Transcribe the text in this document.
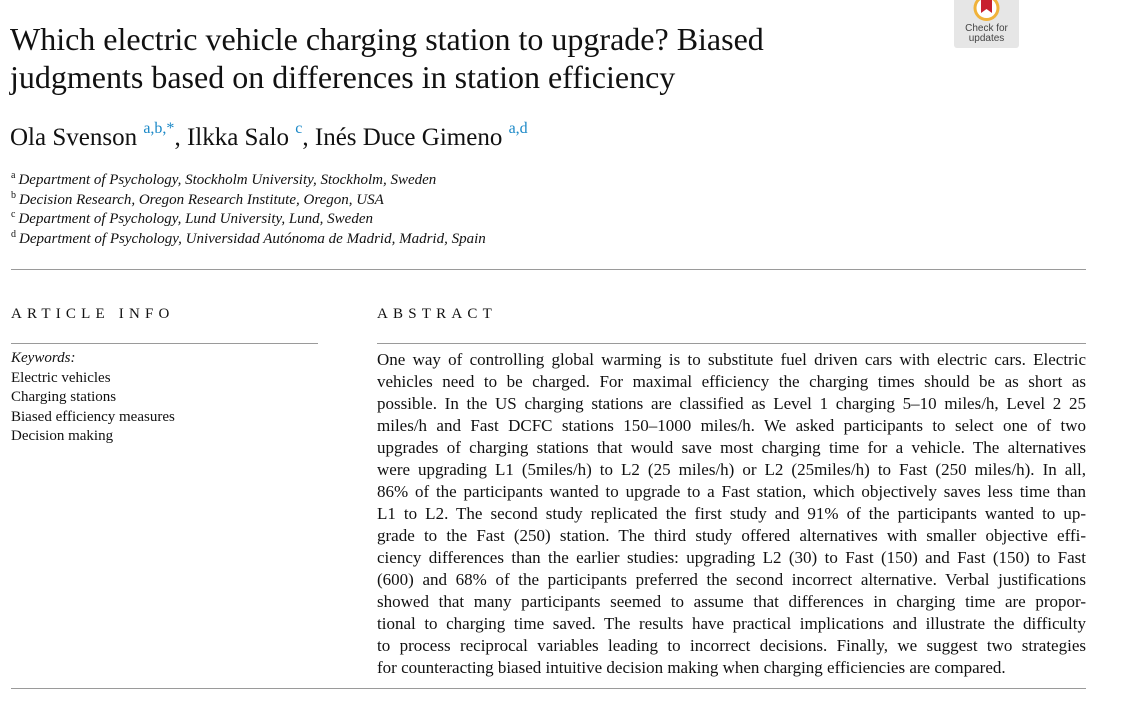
Which electric vehicle charging station to upgrade? Biased
judgments based on differences in station efficiency
Check for
updates
Ola Svenson $^{a,b,*}$, Ilkka Salo $^c$, Inés Duce Gimeno $^{a,d}$
$^a$ Department of Psychology, Stockholm University, Stockholm, Sweden
$^b$ Decision Research, Oregon Research Institute, Oregon, USA
$^c$ Department of Psychology, Lund University, Lund, Sweden
$^d$ Department of Psychology, Universidad Autónoma de Madrid, Madrid, Spain
ARTICLE INFO	ABSTRACT
Keywords:
Electric vehicles
Charging stations
Biased efficiency measures
Decision making
One way of controlling global warming is to substitute fuel driven cars with electric cars. Electric
vehicles need to be charged. For maximal efficiency the charging times should be as short as
possible. In the US charging stations are classified as Level 1 charging 5–10 miles/h, Level 2 25
miles/h and Fast DCFC stations 150–1000 miles/h. We asked participants to select one of two
upgrades of charging stations that would save most charging time for a vehicle. The alternatives
were upgrading L1 (5miles/h) to L2 (25 miles/h) or L2 (25miles/h) to Fast (250 miles/h). In all,
86% of the participants wanted to upgrade to a Fast station, which objectively saves less time than
L1 to L2. The second study replicated the first study and 91% of the participants wanted to up-
grade to the Fast (250) station. The third study offered alternatives with smaller objective effi-
ciency differences than the earlier studies: upgrading L2 (30) to Fast (150) and Fast (150) to Fast
(600) and 68% of the participants preferred the second incorrect alternative. Verbal justifications
showed that many participants seemed to assume that differences in charging time are propor-
tional to charging time saved. The results have practical implications and illustrate the difficulty
to process reciprocal variables leading to incorrect decisions. Finally, we suggest two strategies
for counteracting biased intuitive decision making when charging efficiencies are compared.
